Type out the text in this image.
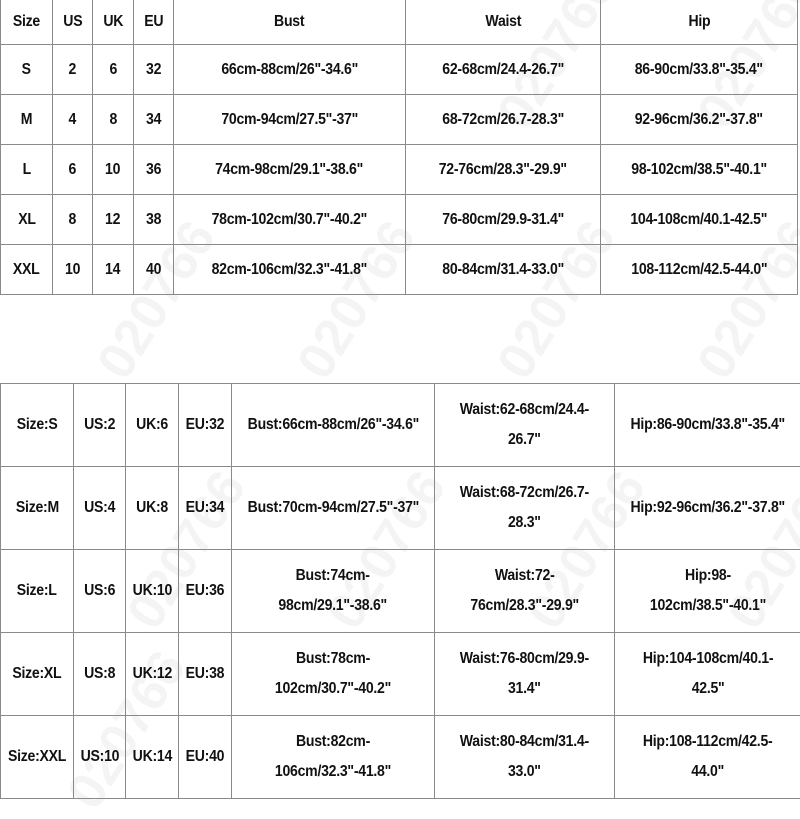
Size	US	UK	EU	Bust	Waist	Hip
S	2	6	32	66cm-88cm/26"-34.6"	62-68cm/24.4-26.7"	86-90cm/33.8"-35.4"
M	4	8	34	70cm-94cm/27.5"-37"	68-72cm/26.7-28.3"	92-96cm/36.2"-37.8"
L	6	10	36	74cm-98cm/29.1"-38.6"	72-76cm/28.3"-29.9"	98-102cm/38.5"-40.1"
XL	8	12	38	78cm-102cm/30.7"-40.2"	76-80cm/29.9-31.4"	104-108cm/40.1-42.5"
XXL	10	14	40	82cm-106cm/32.3"-41.8"	80-84cm/31.4-33.0"	108-112cm/42.5-44.0"
Size:S	US:2	UK:6	EU:32	Bust:66cm-88cm/26"-34.6"	Waist:62-68cm/24.4-
26.7"	Hip:86-90cm/33.8"-35.4"
Size:M	US:4	UK:8	EU:34	Bust:70cm-94cm/27.5"-37"	Waist:68-72cm/26.7-
28.3"	Hip:92-96cm/36.2"-37.8"
Size:L	US:6	UK:10	EU:36	Bust:74cm-
98cm/29.1"-38.6"	Waist:72-
76cm/28.3"-29.9"	Hip:98-
102cm/38.5"-40.1"
Size:XL	US:8	UK:12	EU:38	Bust:78cm-
102cm/30.7"-40.2"	Waist:76-80cm/29.9-
31.4"	Hip:104-108cm/40.1-
42.5"
Size:XXL	US:10	UK:14	EU:40	Bust:82cm-
106cm/32.3"-41.8"	Waist:80-84cm/31.4-
33.0"	Hip:108-112cm/42.5-
44.0"
